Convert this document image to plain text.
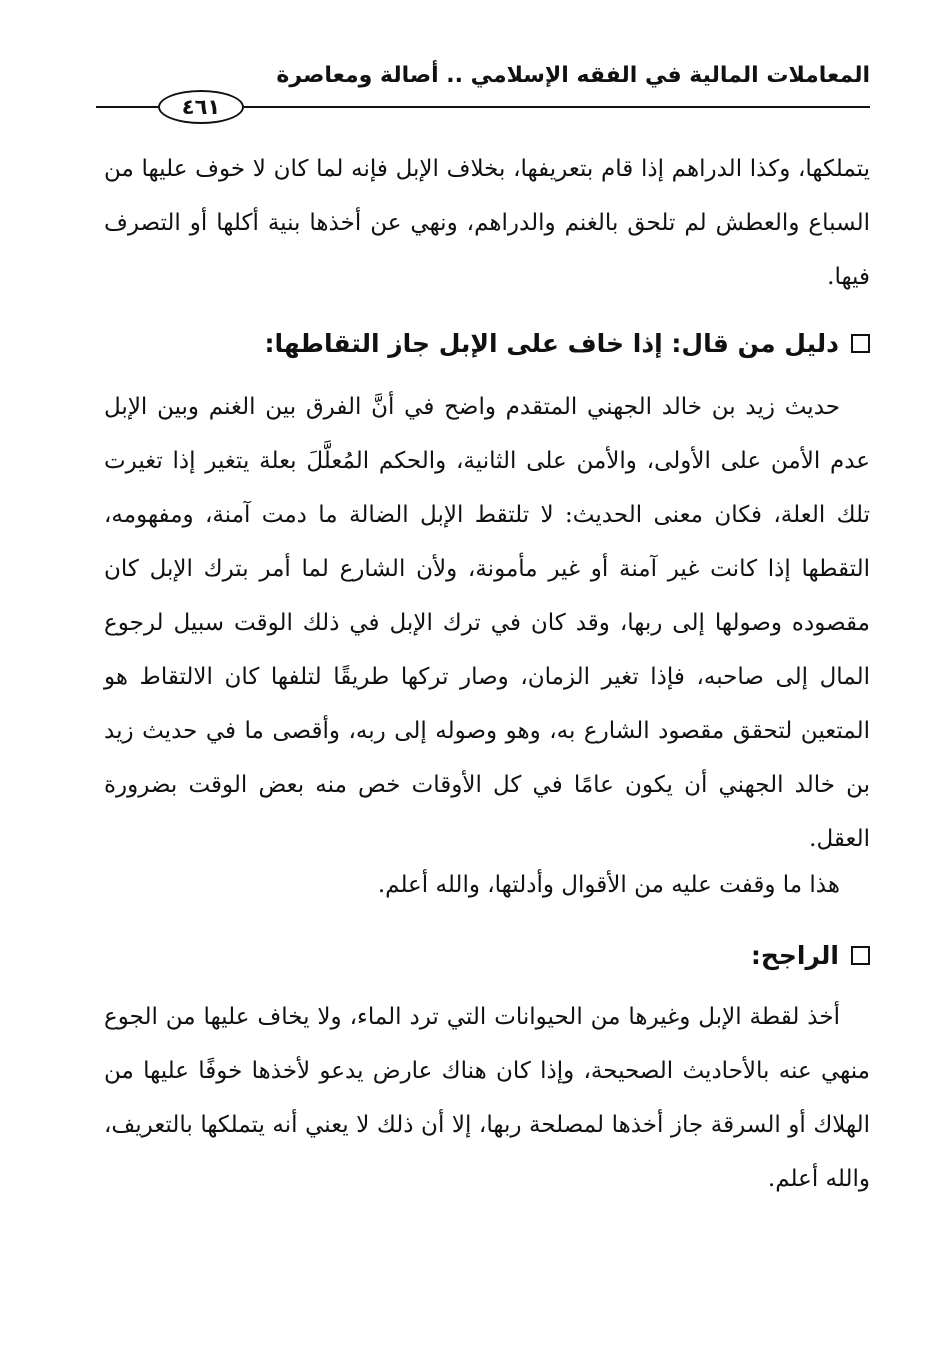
المعاملات المالية في الفقه الإسلامي .. أصالة ومعاصرة
٤٦١

يتملكها، وكذا الدراهم إذا قام بتعريفها، بخلاف الإبل فإنه لما كان لا خوف عليها من السباع والعطش لم تلحق بالغنم والدراهم، ونهي عن أخذها بنية أكلها أو التصرف فيها.

دليل من قال: إذا خاف على الإبل جاز التقاطها:

حديث زيد بن خالد الجهني المتقدم واضح في أنَّ الفرق بين الغنم وبين الإبل عدم الأمن على الأولى، والأمن على الثانية، والحكم المُعلَّلَ بعلة يتغير إذا تغيرت تلك العلة، فكان معنى الحديث: لا تلتقط الإبل الضالة ما دمت آمنة، ومفهومه، التقطها إذا كانت غير آمنة أو غير مأمونة، ولأن الشارع لما أمر بترك الإبل كان مقصوده وصولها إلى ربها، وقد كان في ترك الإبل في ذلك الوقت سبيل لرجوع المال إلى صاحبه، فإذا تغير الزمان، وصار تركها طريقًا لتلفها كان الالتقاط هو المتعين لتحقق مقصود الشارع به، وهو وصوله إلى ربه، وأقصى ما في حديث زيد بن خالد الجهني أن يكون عامًا في كل الأوقات خص منه بعض الوقت بضرورة العقل.

هذا ما وقفت عليه من الأقوال وأدلتها، والله أعلم.

الراجح:

أخذ لقطة الإبل وغيرها من الحيوانات التي ترد الماء، ولا يخاف عليها من الجوع منهي عنه بالأحاديث الصحيحة، وإذا كان هناك عارض يدعو لأخذها خوفًا عليها من الهلاك أو السرقة جاز أخذها لمصلحة ربها، إلا أن ذلك لا يعني أنه يتملكها بالتعريف، والله أعلم.
